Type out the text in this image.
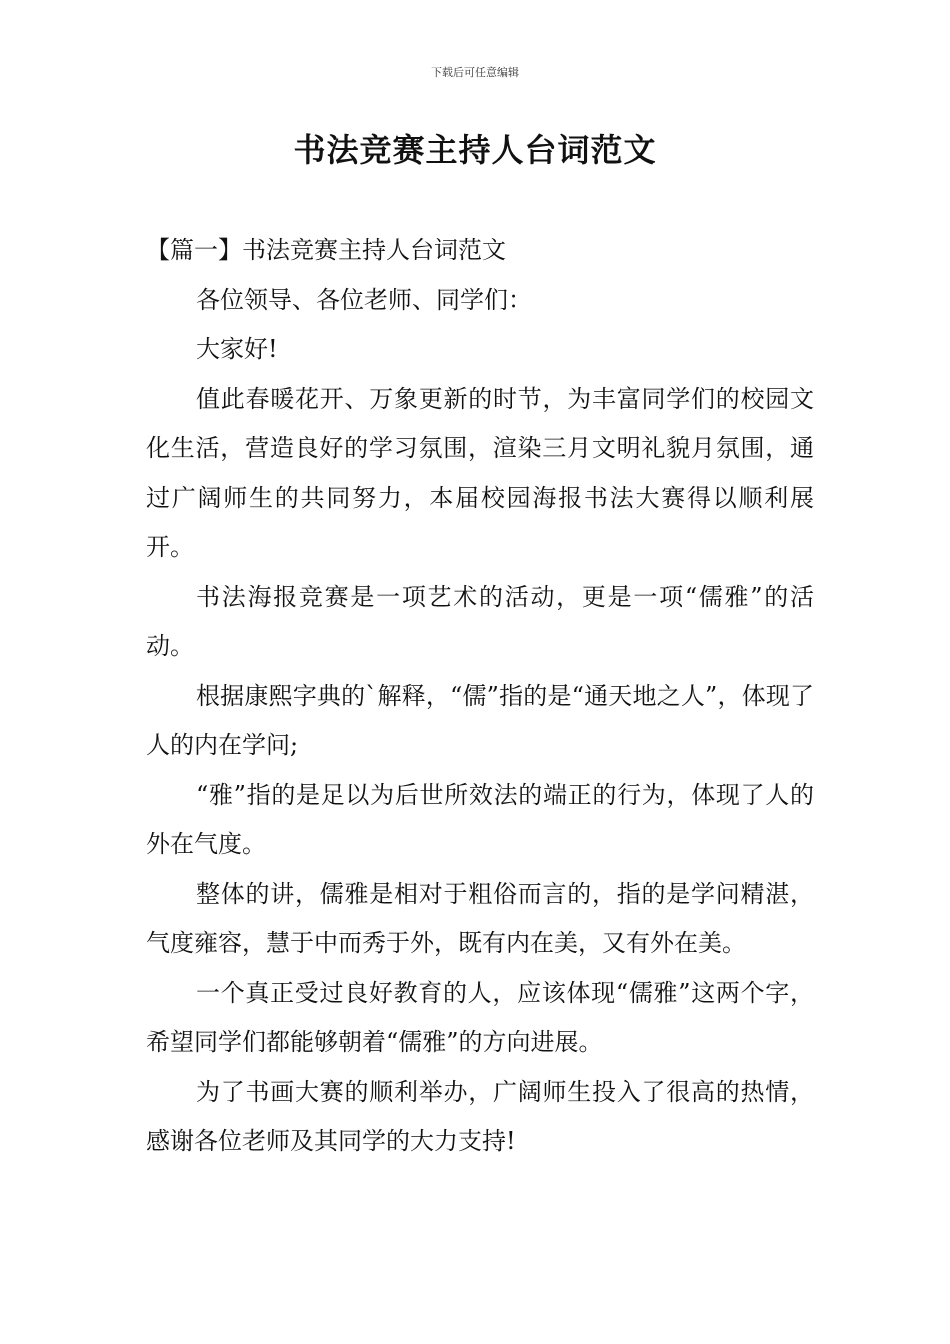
下载后可任意编辑
书法竞赛主持人台词范文

【篇一】书法竞赛主持人台词范文

各位领导、各位老师、同学们：

大家好!

值此春暖花开、万象更新的时节，为丰富同学们的校园文化生活，营造良好的学习氛围，渲染三月文明礼貌月氛围，通过广阔师生的共同努力，本届校园海报书法大赛得以顺利展开。

书法海报竞赛是一项艺术的活动，更是一项“儒雅”的活动。

根据康熙字典的`解释，“儒”指的是“通天地之人”，体现了人的内在学问;

“雅”指的是足以为后世所效法的端正的行为，体现了人的外在气度。

整体的讲，儒雅是相对于粗俗而言的，指的是学问精湛，气度雍容，慧于中而秀于外，既有内在美，又有外在美。

一个真正受过良好教育的人，应该体现“儒雅”这两个字，希望同学们都能够朝着“儒雅”的方向进展。

为了书画大赛的顺利举办，广阔师生投入了很高的热情，感谢各位老师及其同学的大力支持!
